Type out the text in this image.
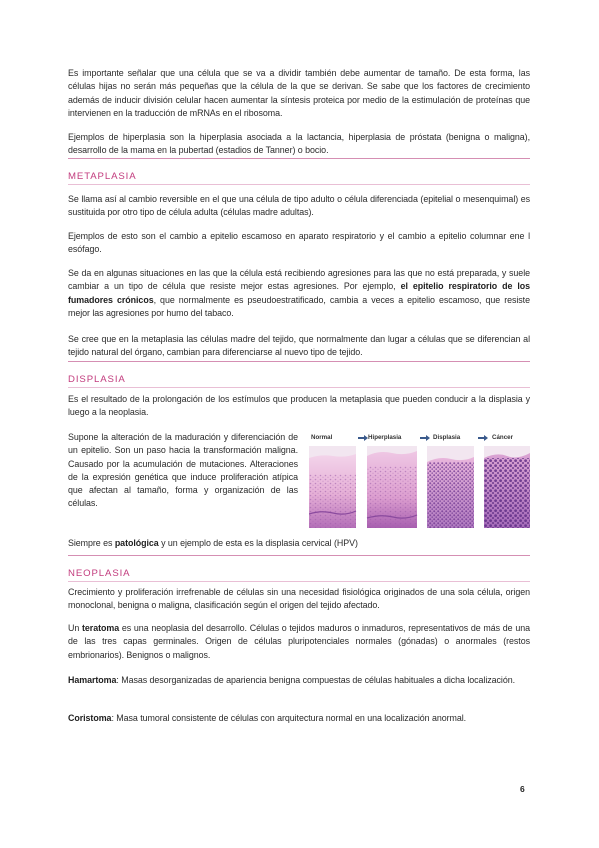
Es importante señalar que una célula que se va a dividir también debe aumentar de tamaño. De esta forma, las células hijas no serán más pequeñas que la célula de la que se derivan. Se sabe que los factores de crecimiento además de inducir división celular hacen aumentar la síntesis proteica por medio de la estimulación de proteínas que intervienen en la traducción de mRNAs en el ribosoma.

Ejemplos de hiperplasia son la hiperplasia asociada a la lactancia, hiperplasia de próstata (benigna o maligna), desarrollo de la mama en la pubertad (estadios de Tanner) o bocio.

METAPLASIA

Se llama así al cambio reversible en el que una célula de tipo adulto o célula diferenciada (epitelial o mesenquimal) es sustituida por otro tipo de célula adulta (células madre adultas).

Ejemplos de esto son el cambio a epitelio escamoso en aparato respiratorio y el cambio a epitelio columnar ene l esófago.

Se da en algunas situaciones en las que la célula está recibiendo agresiones para las que no está preparada, y suele cambiar a un tipo de célula que resiste mejor estas agresiones. Por ejemplo, el epitelio respiratorio de los fumadores crónicos, que normalmente es pseudoestratificado, cambia a veces a epitelio escamoso, que resiste mejor las agresiones por humo del tabaco.

Se cree que en la metaplasia las células madre del tejido, que normalmente dan lugar a células que se diferencian al tejido natural del órgano, cambian para diferenciarse al nuevo tipo de tejido.

DISPLASIA

Es el resultado de la prolongación de los estímulos que producen la metaplasia que pueden conducir a la displasia y luego a la neoplasia.

Supone la alteración de la maduración y diferenciación de un epitelio. Son un paso hacia la transformación maligna. Causado por la acumulación de mutaciones. Alteraciones de la expresión genética que induce proliferación atípica que afectan al tamaño, forma y organización de las células.

Normal	Hiperplasia	Displasia	Cáncer

Siempre es patológica y un ejemplo de esta es la displasia cervical (HPV)

NEOPLASIA

Crecimiento y proliferación irrefrenable de células sin una necesidad fisiológica originados de una sola célula, origen monoclonal, benigna o maligna, clasificación según el origen del tejido afectado.

Un teratoma es una neoplasia del desarrollo. Células o tejidos maduros o inmaduros, representativos de más de una de las tres capas germinales. Origen de células pluripotenciales normales (gónadas) o anormales (restos embrionarios). Benignos o malignos.

Hamartoma: Masas desorganizadas de apariencia benigna compuestas de células habituales a dicha localización.

Coristoma: Masa tumoral consistente de células con arquitectura normal en una localización anormal.

6
